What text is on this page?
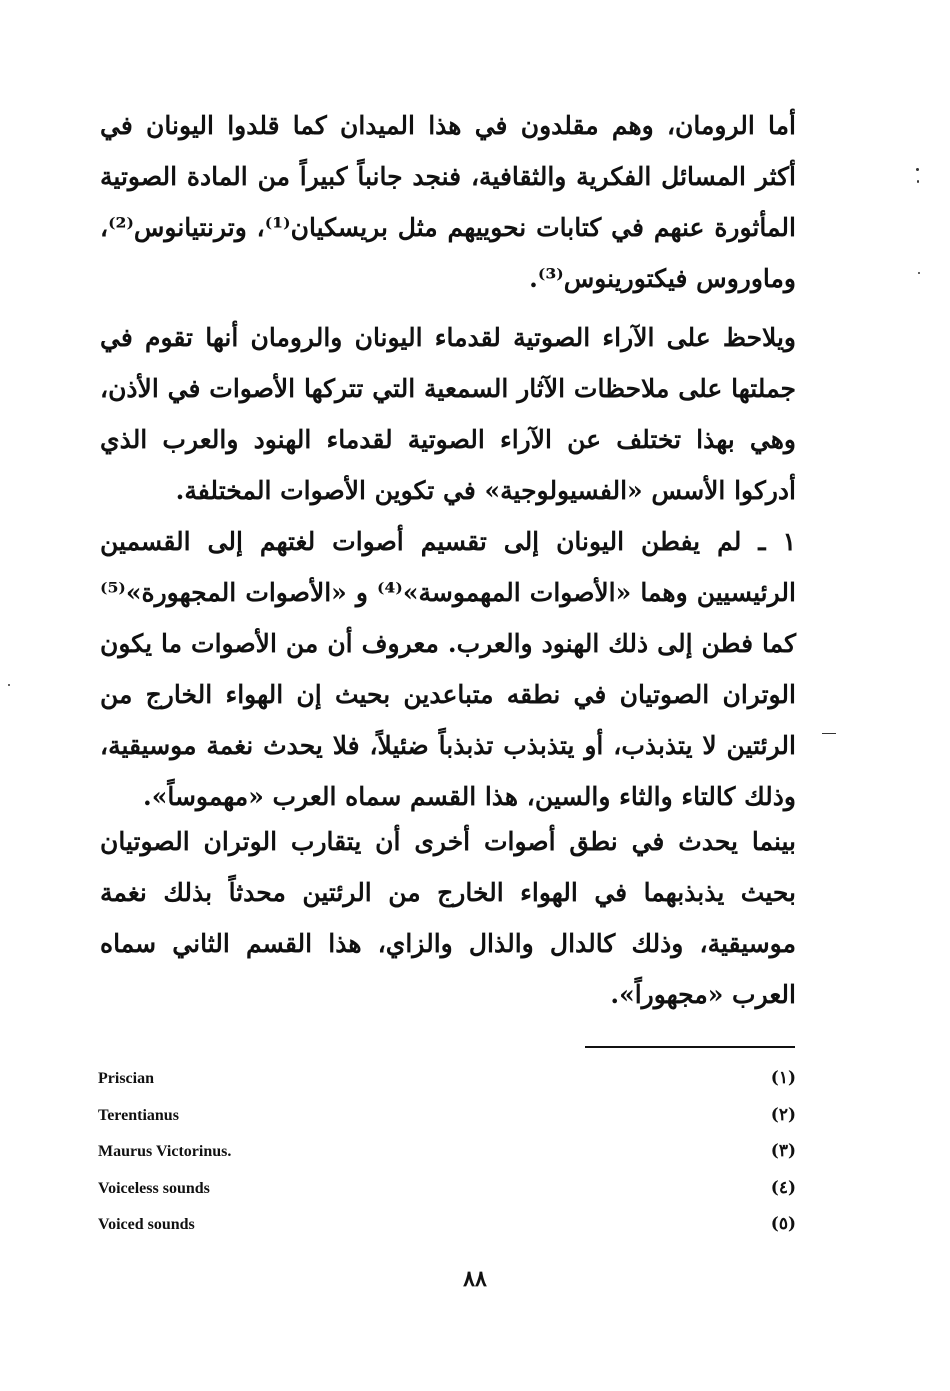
أما الرومان، وهم مقلدون في هذا الميدان كما قلدوا اليونان في أكثر المسائل الفكرية والثقافية، فنجد جانباً كبيراً من المادة الصوتية المأثورة عنهم في كتابات نحوييهم مثل بريسكيان⁽¹⁾، وترنتيانوس⁽²⁾، وماوروس فيكتورينوس⁽³⁾.

ويلاحظ على الآراء الصوتية لقدماء اليونان والرومان أنها تقوم في جملتها على ملاحظات الآثار السمعية التي تتركها الأصوات في الأذن، وهي بهذا تختلف عن الآراء الصوتية لقدماء الهنود والعرب الذي أدركوا الأسس «الفسيولوجية» في تكوين الأصوات المختلفة.

١ ـ لم يفطن اليونان إلى تقسيم أصوات لغتهم إلى القسمين الرئيسيين وهما «الأصوات المهموسة»⁽⁴⁾ و «الأصوات المجهورة»⁽⁵⁾ كما فطن إلى ذلك الهنود والعرب. معروف أن من الأصوات ما يكون الوتران الصوتيان في نطقه متباعدين بحيث إن الهواء الخارج من الرئتين لا يتذبذب، أو يتذبذب تذبذباً ضئيلاً، فلا يحدث نغمة موسيقية، وذلك كالتاء والثاء والسين، هذا القسم سماه العرب «مهموساً».

بينما يحدث في نطق أصوات أخرى أن يتقارب الوتران الصوتيان بحيث يذبذبهما في الهواء الخارج من الرئتين محدثاً بذلك نغمة موسيقية، وذلك كالدال والذال والزاي، هذا القسم الثاني سماه العرب «مجهوراً».

Priscian	(١)
Terentianus	(٢)
Maurus Victorinus.	(٣)
Voiceless sounds	(٤)
Voiced sounds	(٥)
٨٨
